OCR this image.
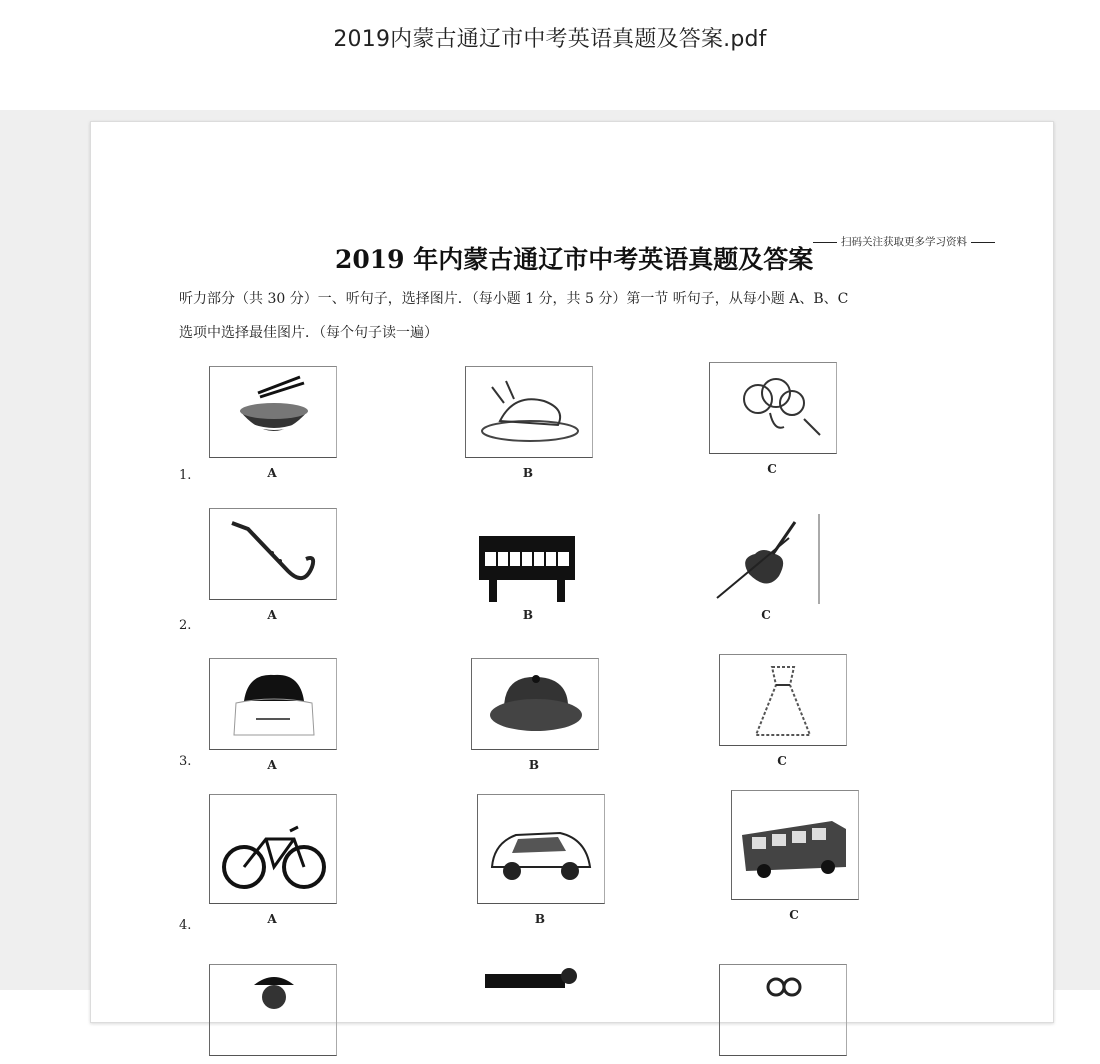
2019内蒙古通辽市中考英语真题及答案.pdf
2019 年内蒙古通辽市中考英语真题及答案
扫码关注获取更多学习资料
听力部分（共 30 分）一、听句子，选择图片．（每小题 1 分，共 5 分）第一节 听句子，从每小题 A、B、C
选项中选择最佳图片．（每个句子读一遍）
1.	A	B	C
2.
A	B	C
3.	A	B	C
4.	A	B	C
